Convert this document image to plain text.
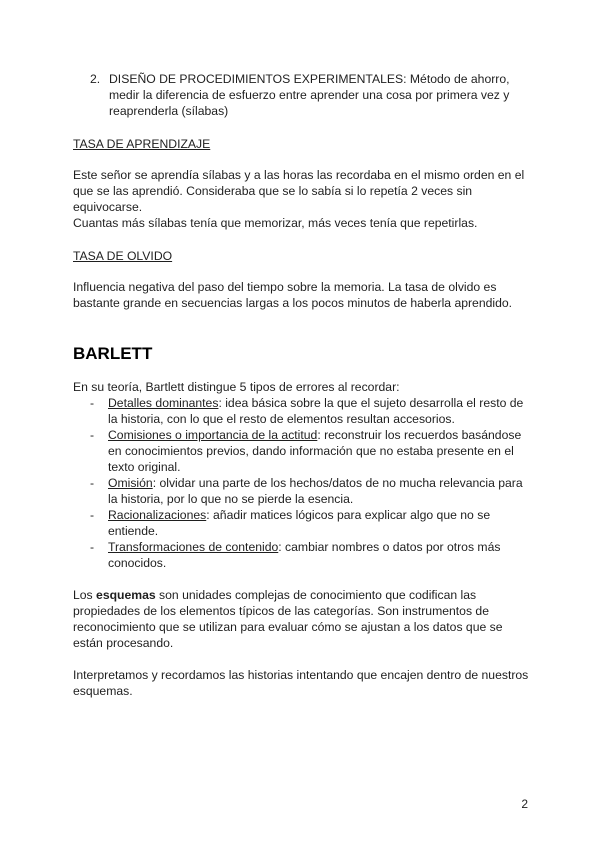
2. DISEÑO DE PROCEDIMIENTOS EXPERIMENTALES: Método de ahorro, medir la diferencia de esfuerzo entre aprender una cosa por primera vez y reaprenderla (sílabas)

TASA DE APRENDIZAJE

Este señor se aprendía sílabas y a las horas las recordaba en el mismo orden en el que se las aprendió. Consideraba que se lo sabía si lo repetía 2 veces sin equivocarse.

Cuantas más sílabas tenía que memorizar, más veces tenía que repetirlas.

TASA DE OLVIDO

Influencia negativa del paso del tiempo sobre la memoria. La tasa de olvido es bastante grande en secuencias largas a los pocos minutos de haberla aprendido.

BARLETT

En su teoría, Bartlett distingue 5 tipos de errores al recordar:

- Detalles dominantes: idea básica sobre la que el sujeto desarrolla el resto de la historia, con lo que el resto de elementos resultan accesorios.
- Comisiones o importancia de la actitud: reconstruir los recuerdos basándose en conocimientos previos, dando información que no estaba presente en el texto original.
- Omisión: olvidar una parte de los hechos/datos de no mucha relevancia para la historia, por lo que no se pierde la esencia.
- Racionalizaciones: añadir matices lógicos para explicar algo que no se entiende.
- Transformaciones de contenido: cambiar nombres o datos por otros más conocidos.

Los esquemas son unidades complejas de conocimiento que codifican las propiedades de los elementos típicos de las categorías. Son instrumentos de reconocimiento que se utilizan para evaluar cómo se ajustan a los datos que se están procesando.

Interpretamos y recordamos las historias intentando que encajen dentro de nuestros esquemas.

2
